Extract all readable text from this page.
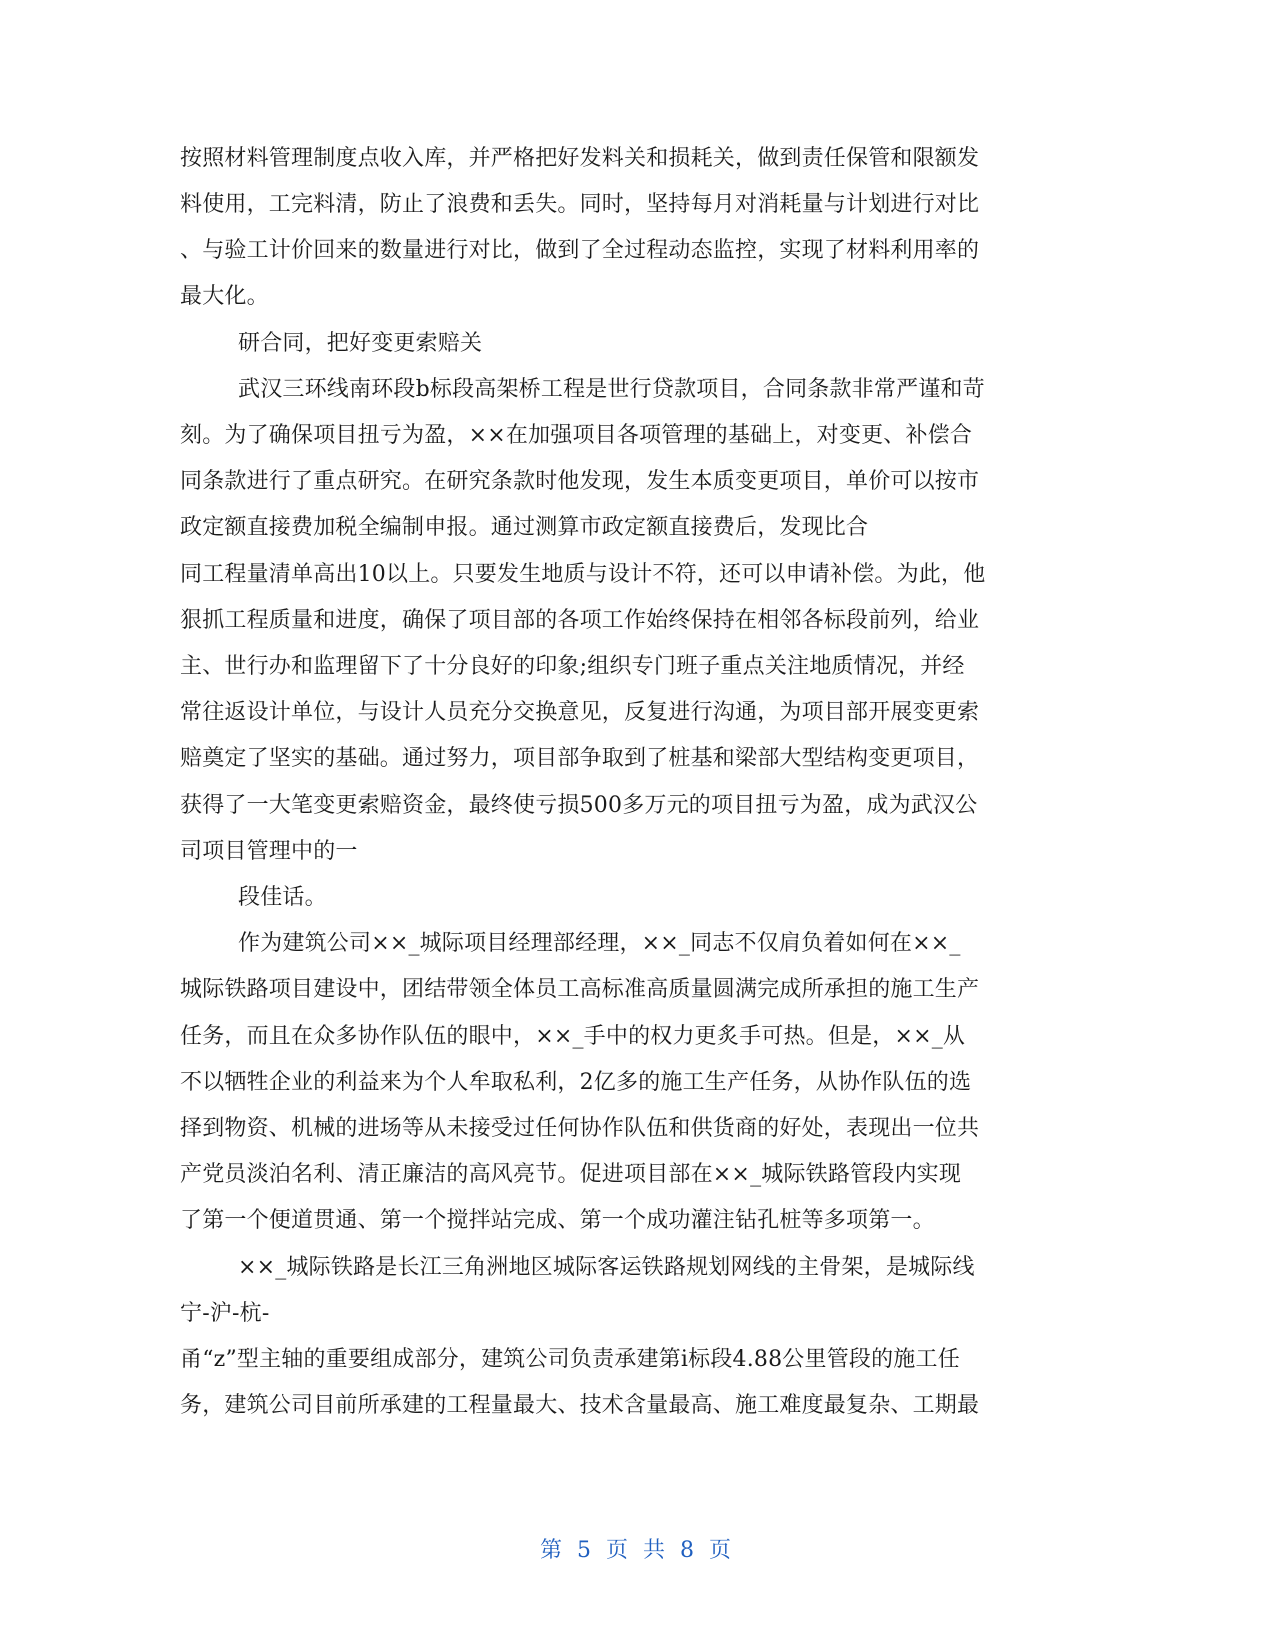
按照材料管理制度点收入库，并严格把好发料关和损耗关，做到责任保管和限额发
料使用，工完料清，防止了浪费和丢失。同时，坚持每月对消耗量与计划进行对比
、与验工计价回来的数量进行对比，做到了全过程动态监控，实现了材料利用率的
最大化。
研合同，把好变更索赔关
武汉三环线南环段b标段高架桥工程是世行贷款项目，合同条款非常严谨和苛
刻。为了确保项目扭亏为盈，××在加强项目各项管理的基础上，对变更、补偿合
同条款进行了重点研究。在研究条款时他发现，发生本质变更项目，单价可以按市
政定额直接费加税全编制申报。通过测算市政定额直接费后，发现比合
同工程量清单高出10以上。只要发生地质与设计不符，还可以申请补偿。为此，他
狠抓工程质量和进度，确保了项目部的各项工作始终保持在相邻各标段前列，给业
主、世行办和监理留下了十分良好的印象;组织专门班子重点关注地质情况，并经
常往返设计单位，与设计人员充分交换意见，反复进行沟通，为项目部开展变更索
赔奠定了坚实的基础。通过努力，项目部争取到了桩基和梁部大型结构变更项目，
获得了一大笔变更索赔资金，最终使亏损500多万元的项目扭亏为盈，成为武汉公
司项目管理中的一
段佳话。
作为建筑公司××_城际项目经理部经理，××_同志不仅肩负着如何在××_
城际铁路项目建设中，团结带领全体员工高标准高质量圆满完成所承担的施工生产
任务，而且在众多协作队伍的眼中，××_手中的权力更炙手可热。但是，××_从
不以牺牲企业的利益来为个人牟取私利，2亿多的施工生产任务，从协作队伍的选
择到物资、机械的进场等从未接受过任何协作队伍和供货商的好处，表现出一位共
产党员淡泊名利、清正廉洁的高风亮节。促进项目部在××_城际铁路管段内实现
了第一个便道贯通、第一个搅拌站完成、第一个成功灌注钻孔桩等多项第一。
××_城际铁路是长江三角洲地区城际客运铁路规划网线的主骨架，是城际线
宁-沪-杭-
甬“z”型主轴的重要组成部分，建筑公司负责承建第i标段4.88公里管段的施工任
务，建筑公司目前所承建的工程量最大、技术含量最高、施工难度最复杂、工期最
第 5 页 共 8 页
